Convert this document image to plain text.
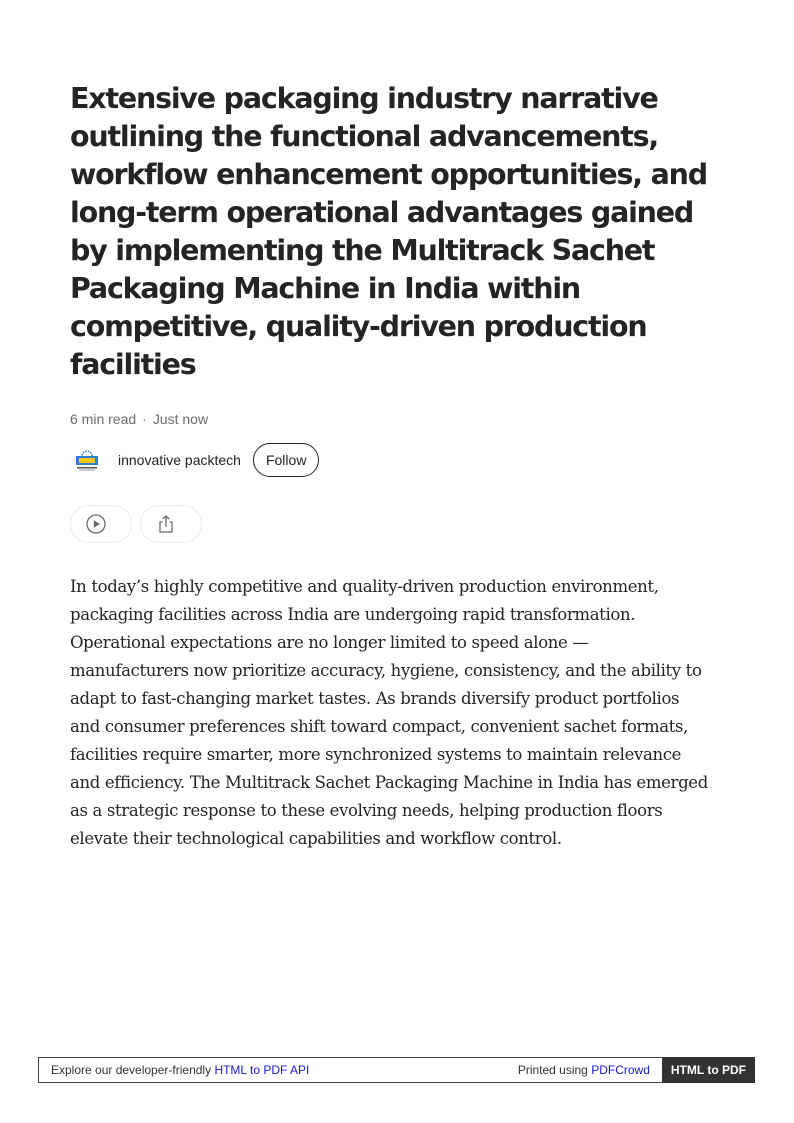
Extensive packaging industry narrative outlining the functional advancements, workflow enhancement opportunities, and long-term operational advantages gained by implementing the Multitrack Sachet Packaging Machine in India within competitive, quality-driven production facilities
6 min read · Just now
innovative packtech	Follow

In today’s highly competitive and quality-driven production environment, packaging facilities across India are undergoing rapid transformation. Operational expectations are no longer limited to speed alone — manufacturers now prioritize accuracy, hygiene, consistency, and the ability to adapt to fast-changing market tastes. As brands diversify product portfolios and consumer preferences shift toward compact, convenient sachet formats, facilities require smarter, more synchronized systems to maintain relevance and efficiency. The Multitrack Sachet Packaging Machine in India has emerged as a strategic response to these evolving needs, helping production floors elevate their technological capabilities and workflow control.

Explore our developer-friendly HTML to PDF API	Printed using PDFCrowd	HTML to PDF
